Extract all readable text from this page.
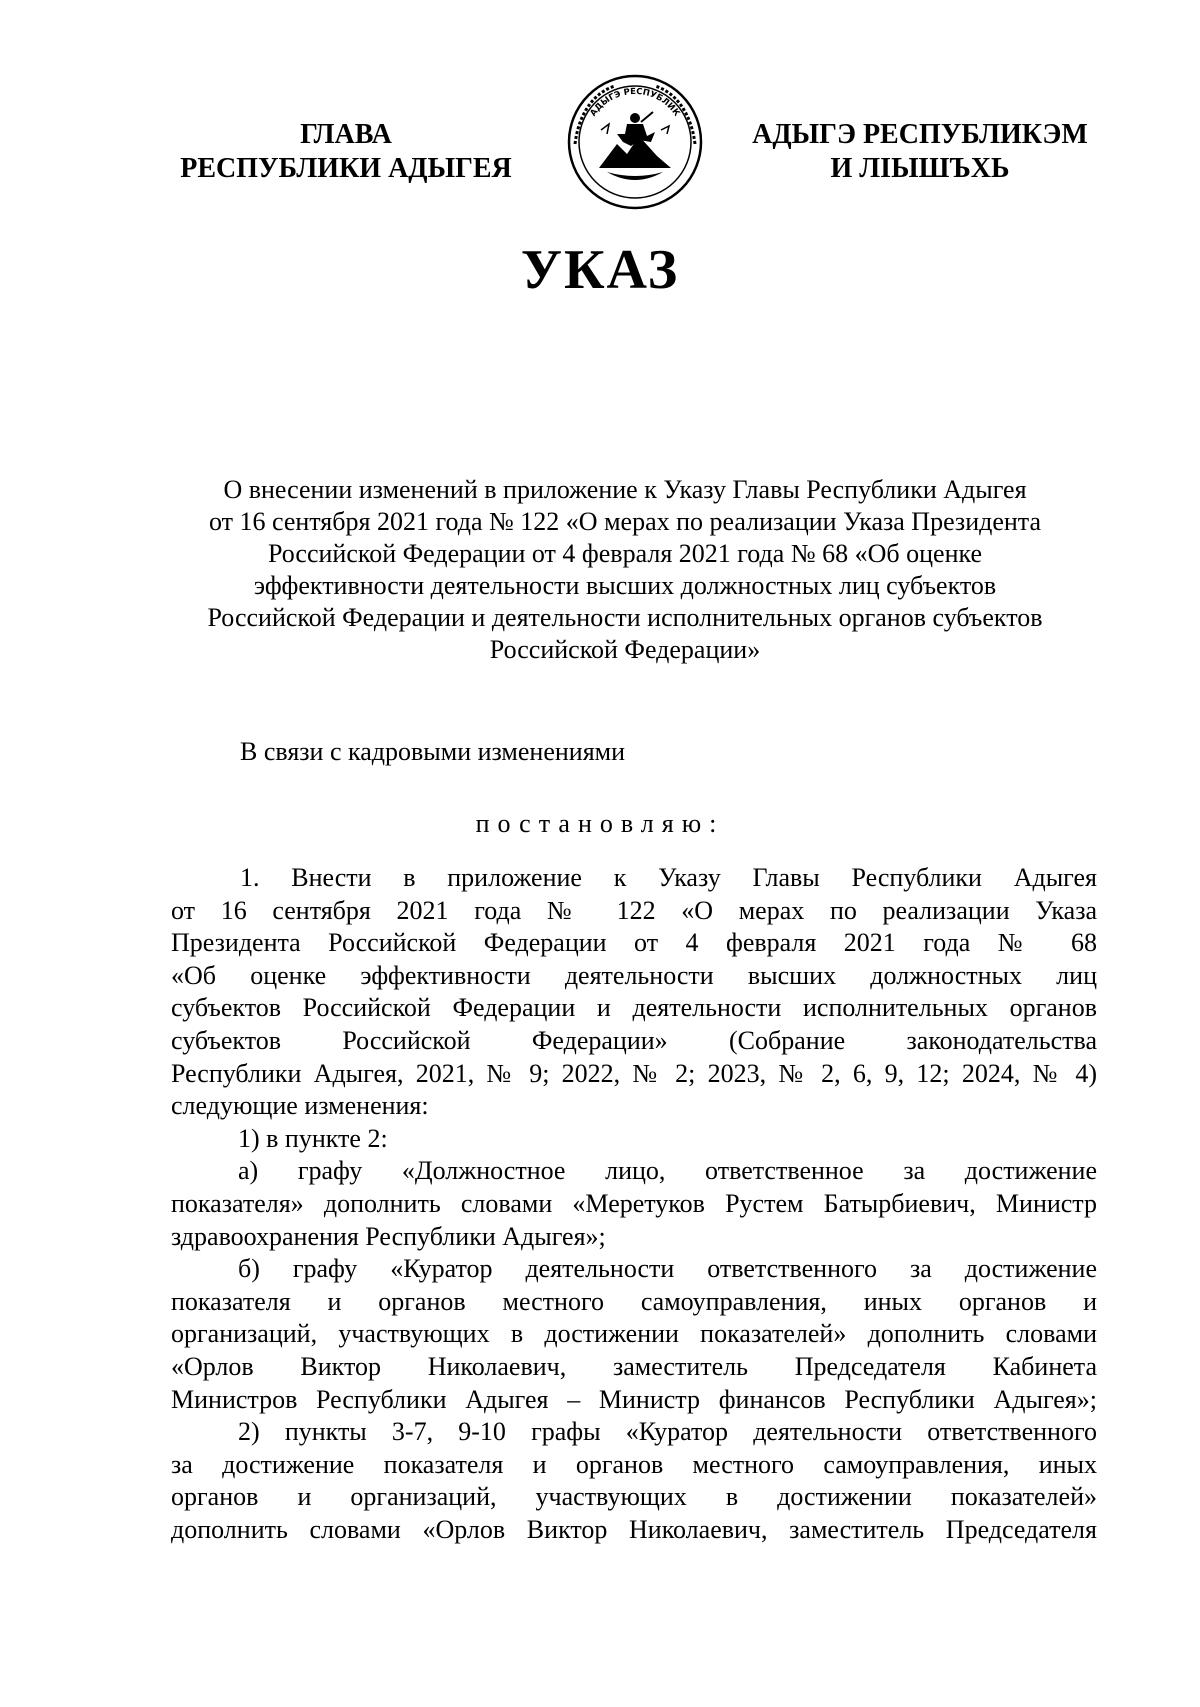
ГЛАВА
РЕСПУБЛИКИ АДЫГЕЯ
АДЫГЭ РЕСПУБЛИК
АДЫГЭ РЕСПУБЛИКЭМ
И ЛІЫШЪХЬ
УКАЗ
О внесении изменений в приложение к Указу Главы Республики Адыгея
от 16 сентября 2021 года № 122 «О мерах по реализации Указа Президента
Российской Федерации от 4 февраля 2021 года № 68 «Об оценке
эффективности деятельности высших должностных лиц субъектов
Российской Федерации и деятельности исполнительных органов субъектов
Российской Федерации»
В связи с кадровыми изменениями
постановляю:
1. Внести в приложение к Указу Главы Республики Адыгея
от 16 сентября 2021 года № 122 «О мерах по реализации Указа
Президента Российской Федерации от 4 февраля 2021 года № 68
«Об оценке эффективности деятельности высших должностных лиц
субъектов Российской Федерации и деятельности исполнительных органов
субъектов Российской Федерации» (Собрание законодательства
Республики Адыгея, 2021, № 9; 2022, № 2; 2023, № 2, 6, 9, 12; 2024, № 4)
следующие изменения:
1) в пункте 2:
а) графу «Должностное лицо, ответственное за достижение
показателя» дополнить словами «Меретуков Рустем Батырбиевич, Министр
здравоохранения Республики Адыгея»;
б) графу «Куратор деятельности ответственного за достижение
показателя и органов местного самоуправления, иных органов и
организаций, участвующих в достижении показателей» дополнить словами
«Орлов Виктор Николаевич, заместитель Председателя Кабинета
Министров Республики Адыгея – Министр финансов Республики Адыгея»;
2) пункты 3-7, 9-10 графы «Куратор деятельности ответственного
за достижение показателя и органов местного самоуправления, иных
органов и организаций, участвующих в достижении показателей»
дополнить словами «Орлов Виктор Николаевич, заместитель Председателя
